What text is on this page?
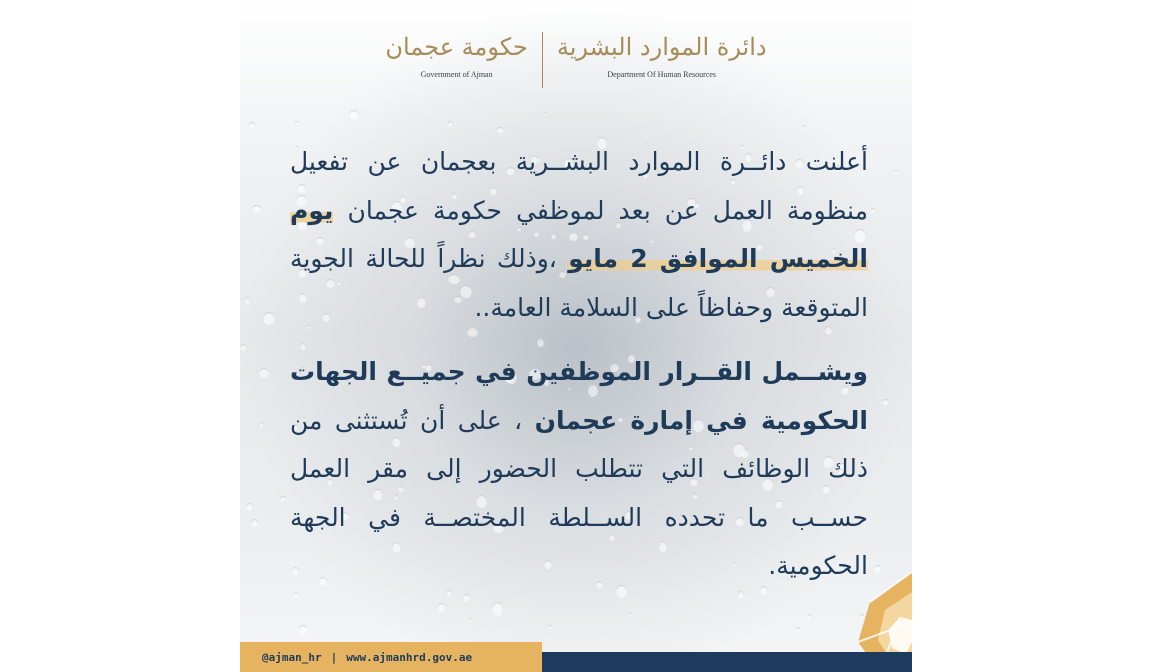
حكومة عجمان
Government of Ajman
دائرة الموارد البشرية
Department Of Human Resources
أعلنت دائــرة الموارد البشــرية بعجمان عن تفعيل منظومة العمل عن بعد لموظفي حكومة عجمان يوم الخميس الموافق 2 مايو ،وذلك نظراً للحالة الجوية المتوقعة وحفاظاً على السلامة العامة..
ويشــمل القــرار الموظفين في جميــع الجهات الحكومية في إمارة عجمان ، على أن تُستثنى من ذلك الوظائف التي تتطلب الحضور إلى مقر العمل حســب ما تحدده الســلطة المختصــة في الجهة الحكومية.
@ajman_hr | www.ajmanhrd.gov.ae
